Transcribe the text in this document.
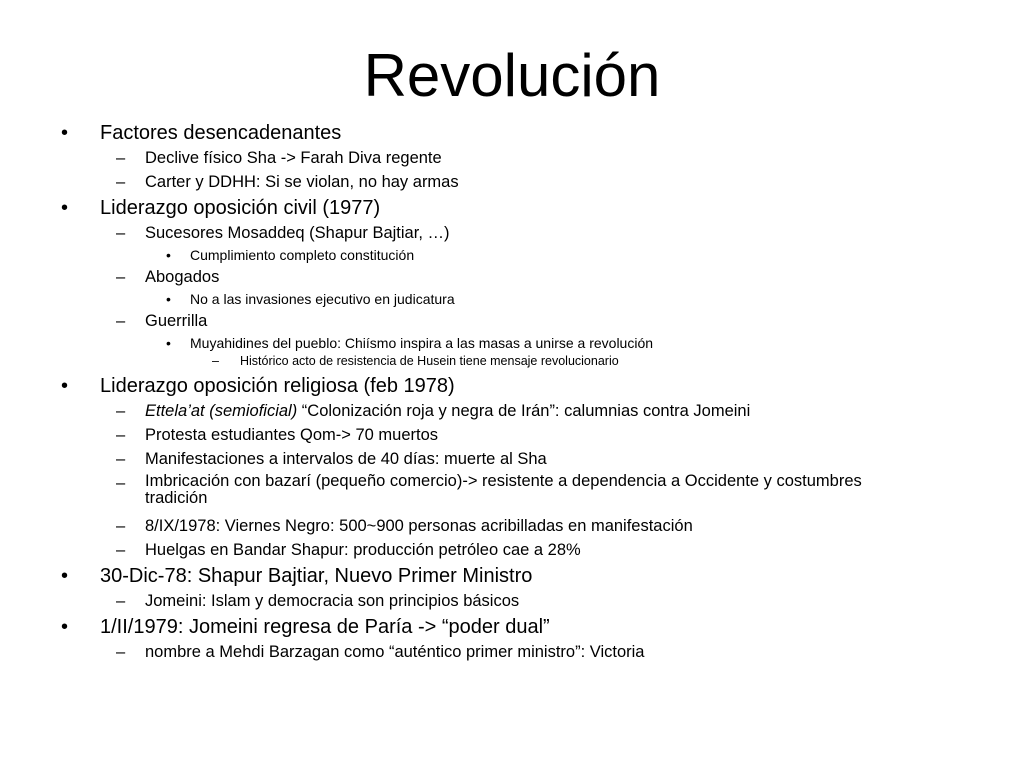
Revolución
• Factores desencadenantes
– Declive físico Sha -> Farah Diva regente
– Carter y DDHH: Si se violan, no hay armas
• Liderazgo oposición civil (1977)
– Sucesores Mosaddeq (Shapur Bajtiar, …)
• Cumplimiento completo constitución
– Abogados
• No a las invasiones ejecutivo en judicatura
– Guerrilla
• Muyahidines del pueblo: Chiísmo inspira a las masas a unirse a revolución
– Histórico acto de resistencia de Husein tiene mensaje revolucionario
• Liderazgo oposición religiosa (feb 1978)
– Ettela’at (semioficial) “Colonización roja y negra de Irán”: calumnias contra Jomeini
– Protesta estudiantes Qom-> 70 muertos
– Manifestaciones a intervalos de 40 días: muerte al Sha
– Imbricación con bazarí (pequeño comercio)-> resistente a dependencia a Occidente y costumbres tradición
– 8/IX/1978: Viernes Negro: 500~900 personas acribilladas en manifestación
– Huelgas en Bandar Shapur: producción petróleo cae a 28%
• 30-Dic-78: Shapur Bajtiar, Nuevo Primer Ministro
– Jomeini: Islam y democracia son principios básicos
• 1/II/1979: Jomeini regresa de Paría -> “poder dual”
– nombre a Mehdi Barzagan como “auténtico primer ministro”: Victoria
